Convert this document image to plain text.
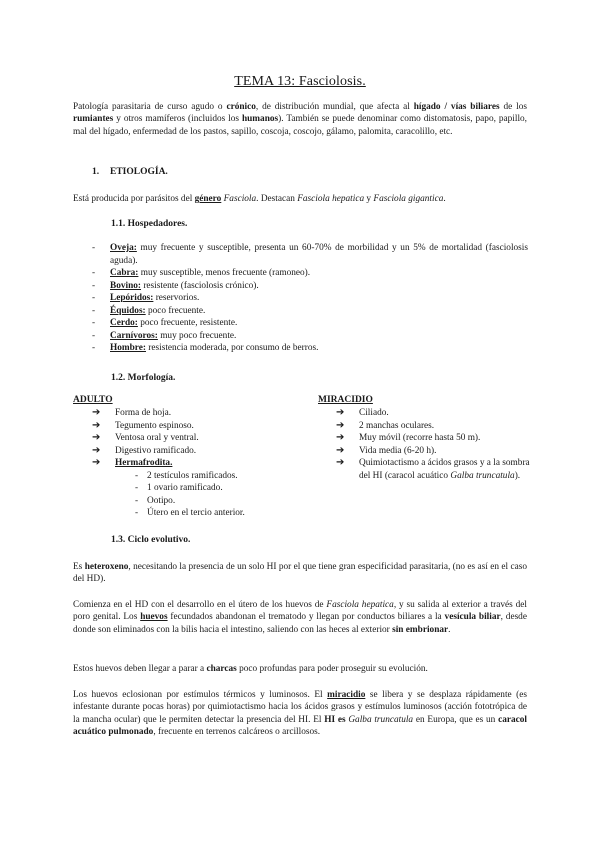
TEMA 13: Fasciolosis.
Patología parasitaria de curso agudo o crónico, de distribución mundial, que afecta al hígado / vías biliares de los rumiantes y otros mamíferos (incluidos los humanos). También se puede denominar como distomatosis, papo, papillo, mal del hígado, enfermedad de los pastos, sapillo, coscoja, coscojo, gálamo, palomita, caracolillo, etc.
1. ETIOLOGÍA.
Está producida por parásitos del género Fasciola. Destacan Fasciola hepatica y Fasciola gigantica.
1.1. Hospedadores.
- Oveja: muy frecuente y susceptible, presenta un 60-70% de morbilidad y un 5% de mortalidad (fasciolosis aguda).
- Cabra: muy susceptible, menos frecuente (ramoneo).
- Bovino: resistente (fasciolosis crónico).
- Lepóridos: reservorios.
- Équidos: poco frecuente.
- Cerdo: poco frecuente, resistente.
- Carnívoros: muy poco frecuente.
- Hombre: resistencia moderada, por consumo de berros.
1.2. Morfología.
ADULTO
➔ Forma de hoja.
➔ Tegumento espinoso.
➔ Ventosa oral y ventral.
➔ Digestivo ramificado.
➔ Hermafrodita.
- 2 testículos ramificados.
- 1 ovario ramificado.
- Ootipo.
- Útero en el tercio anterior.
MIRACIDIO
➔ Ciliado.
➔ 2 manchas oculares.
➔ Muy móvil (recorre hasta 50 m).
➔ Vida media (6-20 h).
➔ Quimiotactismo a ácidos grasos y a la sombra del HI (caracol acuático Galba truncatula).
1.3. Ciclo evolutivo.
Es heteroxeno, necesitando la presencia de un solo HI por el que tiene gran especificidad parasitaria, (no es así en el caso del HD).
Comienza en el HD con el desarrollo en el útero de los huevos de Fasciola hepatica, y su salida al exterior a través del poro genital. Los huevos fecundados abandonan el trematodo y llegan por conductos biliares a la vesícula biliar, desde donde son eliminados con la bilis hacia el intestino, saliendo con las heces al exterior sin embrionar.
Estos huevos deben llegar a parar a charcas poco profundas para poder proseguir su evolución.
Los huevos eclosionan por estímulos térmicos y luminosos. El miracidio se libera y se desplaza rápidamente (es infestante durante pocas horas) por quimiotactismo hacia los ácidos grasos y estímulos luminosos (acción fototrópica de la mancha ocular) que le permiten detectar la presencia del HI. El HI es Galba truncatula en Europa, que es un caracol acuático pulmonado, frecuente en terrenos calcáreos o arcillosos.
